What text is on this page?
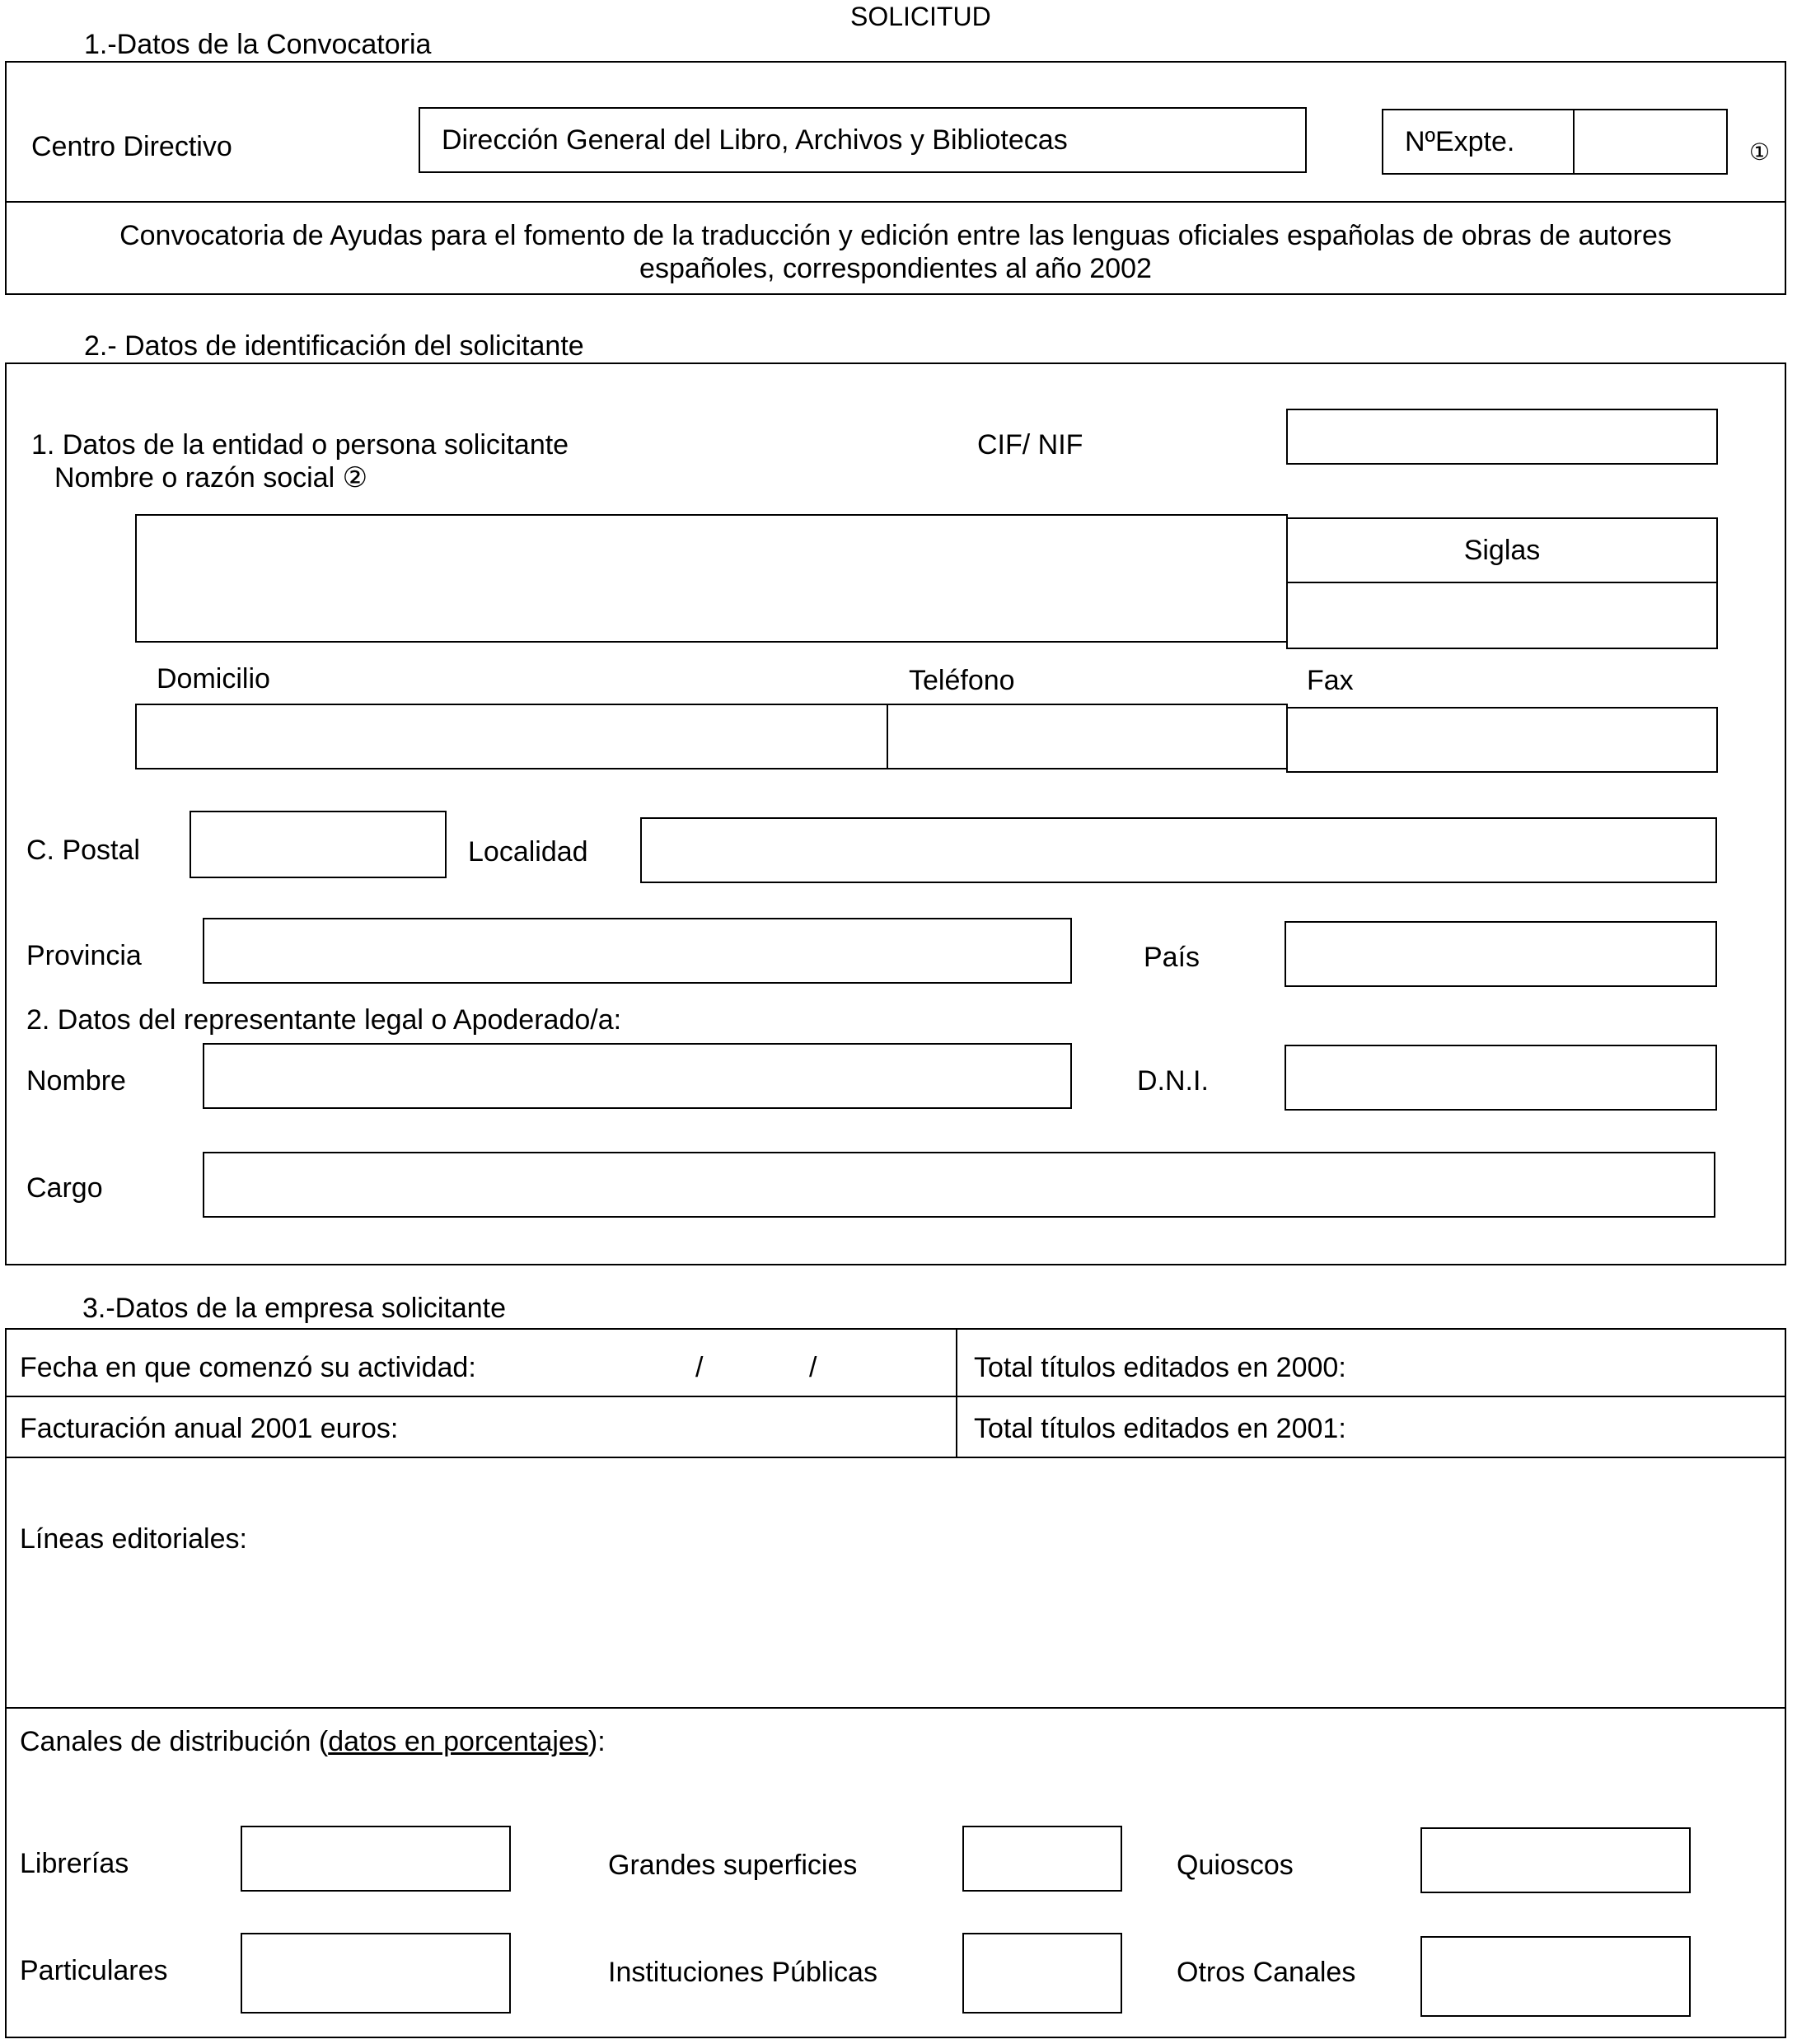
SOLICITUD
1.-Datos de la Convocatoria
Centro Directivo	Dirección General del Libro, Archivos y Bibliotecas	NºExpte.	①
Convocatoria de Ayudas para el fomento de la traducción y edición entre las lenguas oficiales españolas de obras de autores
españoles, correspondientes al año 2002
2.- Datos de identificación del solicitante
1. Datos de la entidad o persona solicitante
Nombre o razón social ②
CIF/ NIF
Siglas
Domicilio	Teléfono	Fax
C. Postal	Localidad
Provincia	País
2. Datos del representante legal o Apoderado/a:
Nombre	D.N.I.
Cargo
3.-Datos de la empresa solicitante
Fecha en que comenzó su actividad:	/	/	Total títulos editados en 2000:
Facturación anual 2001 euros:	Total títulos editados en 2001:
Líneas editoriales:
Canales de distribución (datos en porcentajes):
Librerías	Grandes superficies	Quioscos
Particulares	Instituciones Públicas	Otros Canales
